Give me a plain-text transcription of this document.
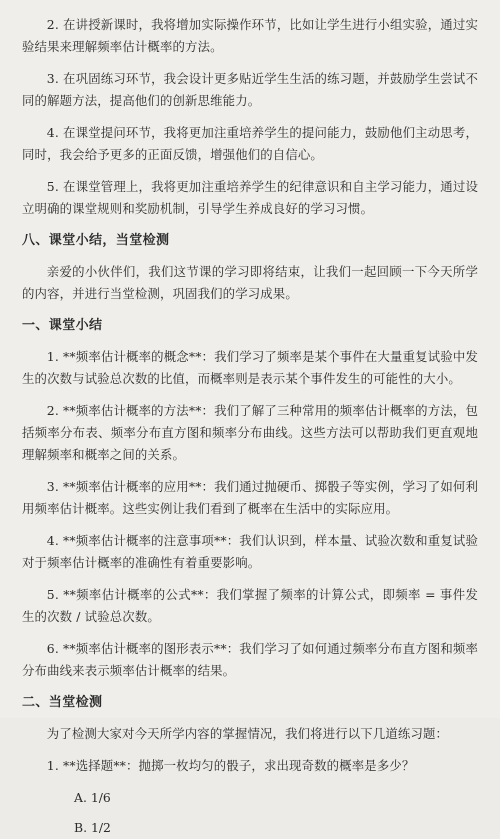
2. 在讲授新课时，我将增加实际操作环节，比如让学生进行小组实验，通过实验结果来理解频率估计概率的方法。

3. 在巩固练习环节，我会设计更多贴近学生生活的练习题，并鼓励学生尝试不同的解题方法，提高他们的创新思维能力。

4. 在课堂提问环节，我将更加注重培养学生的提问能力，鼓励他们主动思考，同时，我会给予更多的正面反馈，增强他们的自信心。

5. 在课堂管理上，我将更加注重培养学生的纪律意识和自主学习能力，通过设立明确的课堂规则和奖励机制，引导学生养成良好的学习习惯。

八、课堂小结，当堂检测

亲爱的小伙伴们，我们这节课的学习即将结束，让我们一起回顾一下今天所学的内容，并进行当堂检测，巩固我们的学习成果。

一、课堂小结

1. **频率估计概率的概念**：我们学习了频率是某个事件在大量重复试验中发生的次数与试验总次数的比值，而概率则是表示某个事件发生的可能性的大小。

2. **频率估计概率的方法**：我们了解了三种常用的频率估计概率的方法，包括频率分布表、频率分布直方图和频率分布曲线。这些方法可以帮助我们更直观地理解频率和概率之间的关系。

3. **频率估计概率的应用**：我们通过抛硬币、掷骰子等实例，学习了如何利用频率估计概率。这些实例让我们看到了概率在生活中的实际应用。

4. **频率估计概率的注意事项**：我们认识到，样本量、试验次数和重复试验对于频率估计概率的准确性有着重要影响。

5. **频率估计概率的公式**：我们掌握了频率的计算公式，即频率 = 事件发生的次数 / 试验总次数。

6. **频率估计概率的图形表示**：我们学习了如何通过频率分布直方图和频率分布曲线来表示频率估计概率的结果。

二、当堂检测

为了检测大家对今天所学内容的掌握情况，我们将进行以下几道练习题：

1. **选择题**：抛掷一枚均匀的骰子，求出现奇数的概率是多少？

A. 1/6
B. 1/2
